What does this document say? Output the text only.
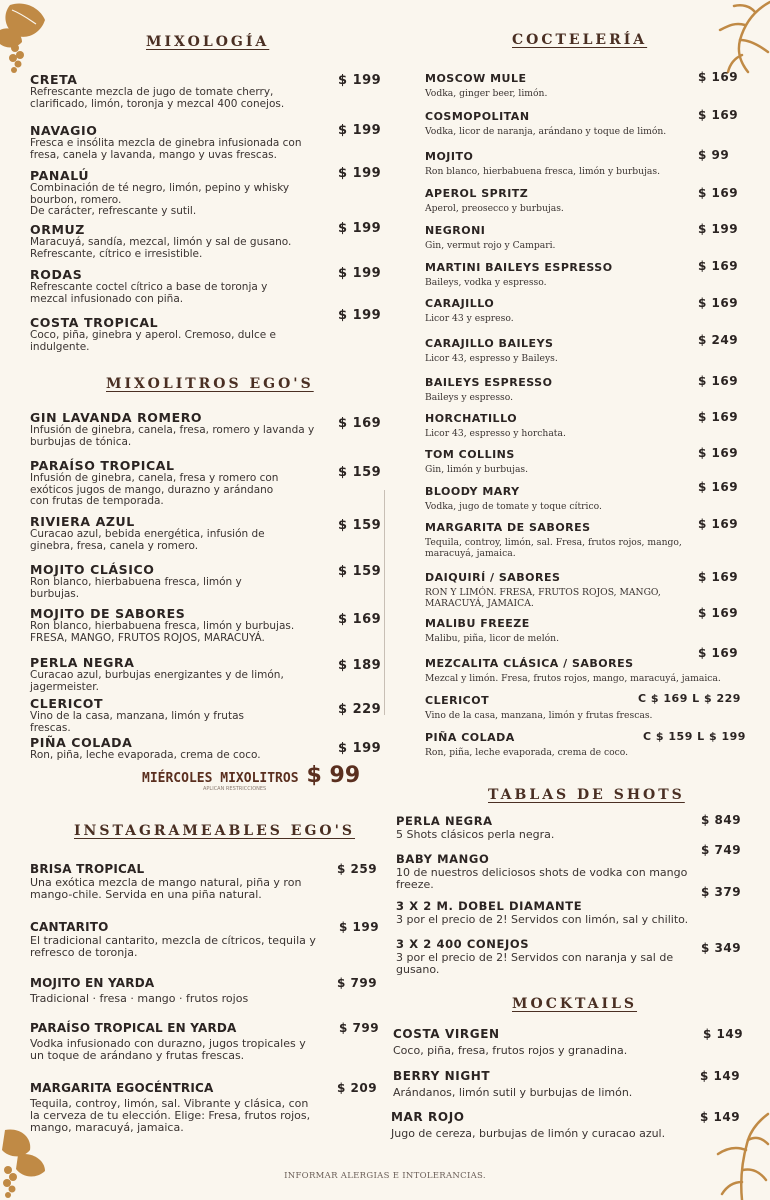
MIXOLOGÍA	COCTELERÍA
MIXOLITROS EGO'S
INSTAGRAMEABLES EGO'S
TABLAS DE SHOTS
MOCKTAILS
CRETA
Refrescante mezcla de jugo de tomate cherry, clarificado, limón, toronja y mezcal 400 conejos.
$ 199
NAVAGIO
Fresca e insólita mezcla de ginebra infusionada con fresa, canela y lavanda, mango y uvas frescas.
$ 199
PANALÚ
Combinación de té negro, limón, pepino y whisky bourbon, romero.
De carácter, refrescante y sutil.
$ 199
ORMUZ
Maracuyá, sandía, mezcal, limón y sal de gusano.
Refrescante, cítrico e irresistible.
$ 199
RODAS
Refrescante coctel cítrico a base de toronja y mezcal infusionado con piña.
$ 199
COSTA TROPICAL
Coco, piña, ginebra y aperol. Cremoso, dulce e indulgente.
$ 199
GIN LAVANDA ROMERO
Infusión de ginebra, canela, fresa, romero y lavanda y burbujas de tónica.
$ 169
PARAÍSO TROPICAL
Infusión de ginebra, canela, fresa y romero con exóticos jugos de mango, durazno y arándano con frutas de temporada.
$ 159
RIVIERA AZUL
Curacao azul, bebida energética, infusión de ginebra, fresa, canela y romero.
$ 159
MOJITO CLÁSICO
Ron blanco, hierbabuena fresca, limón y burbujas.
$ 159
MOJITO DE SABORES
Ron blanco, hierbabuena fresca, limón y burbujas.
FRESA, MANGO, FRUTOS ROJOS, MARACUYÁ.
$ 169
PERLA NEGRA
Curacao azul, burbujas energizantes y de limón, jagermeister.
$ 189
CLERICOT
Vino de la casa, manzana, limón y frutas frescas.
$ 229
PIÑA COLADA
Ron, piña, leche evaporada, crema de coco.	$ 199
MIÉRCOLES MIXOLITROS $ 99
APLICAN RESTRICCIONES
BRISA TROPICAL
Una exótica mezcla de mango natural, piña y ron mango-chile. Servida en una piña natural.
$ 259
CANTARITO
El tradicional cantarito, mezcla de cítricos, tequila y refresco de toronja.
$ 199
MOJITO EN YARDA
Tradicional · fresa · mango · frutos rojos
$ 799
PARAÍSO TROPICAL EN YARDA
Vodka infusionado con durazno, jugos tropicales y un toque de arándano y frutas frescas.
$ 799
MARGARITA EGOCÉNTRICA
Tequila, controy, limón, sal. Vibrante y clásica, con la cerveza de tu elección. Elige: Fresa, frutos rojos, mango, maracuyá, jamaica.
$ 209
MOSCOW MULE
Vodka, ginger beer, limón.
$ 169
COSMOPOLITAN
Vodka, licor de naranja, arándano y toque de limón.
$ 169
MOJITO
Ron blanco, hierbabuena fresca, limón y burbujas.
$ 99
APEROL SPRITZ
Aperol, preosecco y burbujas.
$ 169
NEGRONI
Gin, vermut rojo y Campari.
$ 199
MARTINI BAILEYS ESPRESSO
Baileys, vodka y espresso.
$ 169
CARAJILLO
Licor 43 y espreso.
$ 169
CARAJILLO BAILEYS
Licor 43, espresso y Baileys.
$ 249
BAILEYS ESPRESSO
Baileys y espresso.
$ 169
HORCHATILLO
Licor 43, espresso y horchata.
$ 169
TOM COLLINS
Gin, limón y burbujas.
$ 169
BLOODY MARY
Vodka, jugo de tomate y toque cítrico.
$ 169
MARGARITA DE SABORES
Tequila, controy, limón, sal. Fresa, frutos rojos, mango, maracuyá, jamaica.
$ 169
DAIQUIRÍ / SABORES
RON Y LIMÓN. FRESA, FRUTOS ROJOS, MANGO, MARACUYÁ, JAMAICA.
$ 169
MALIBU FREEZE
Malibu, piña, licor de melón.
$ 169
MEZCALITA CLÁSICA / SABORES
Mezcal y limón. Fresa, frutos rojos, mango, maracuyá, jamaica.
$ 169
CLERICOT
Vino de la casa, manzana, limón y frutas frescas.
C $ 169 L $ 229
PIÑA COLADA
Ron, piña, leche evaporada, crema de coco.
C $ 159 L $ 199
PERLA NEGRA
5 Shots clásicos perla negra.
$ 849
BABY MANGO
10 de nuestros deliciosos shots de vodka con mango freeze.
$ 749
3 X 2 M. DOBEL DIAMANTE
3 por el precio de 2! Servidos con limón, sal y chilito.
$ 379
3 X 2 400 CONEJOS
3 por el precio de 2! Servidos con naranja y sal de gusano.
$ 349
COSTA VIRGEN
Coco, piña, fresa, frutos rojos y granadina.
$ 149
BERRY NIGHT
Arándanos, limón sutil y burbujas de limón.
$ 149
MAR ROJO
Jugo de cereza, burbujas de limón y curacao azul.
$ 149
INFORMAR ALERGIAS E INTOLERANCIAS.
